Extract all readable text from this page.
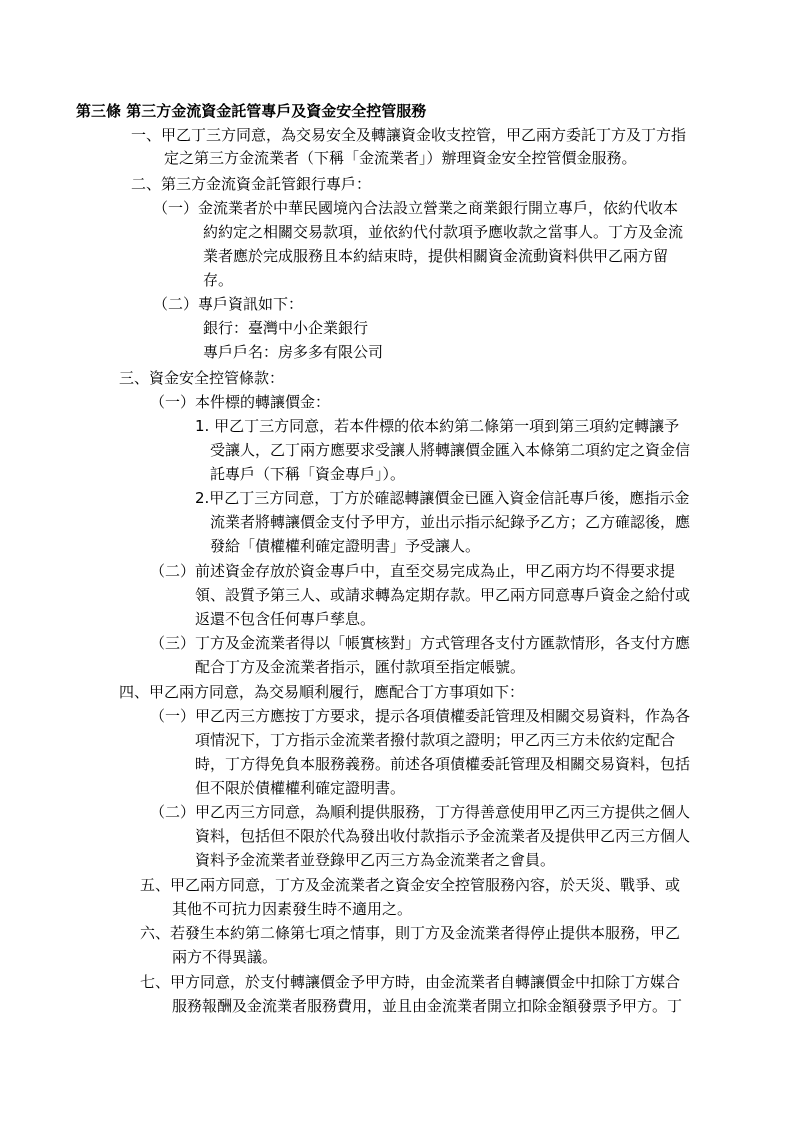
第三條 第三方金流資金託管專戶及資金安全控管服務
一、甲乙丁三方同意，為交易安全及轉讓資金收支控管，甲乙兩方委託丁方及丁方指
定之第三方金流業者（下稱「金流業者」）辦理資金安全控管價金服務。
二、第三方金流資金託管銀行專戶：
（一）金流業者於中華民國境內合法設立營業之商業銀行開立專戶，依約代收本
約約定之相關交易款項，並依約代付款項予應收款之當事人。丁方及金流
業者應於完成服務且本約結束時，提供相關資金流動資料供甲乙兩方留
存。
（二）專戶資訊如下：
銀行：臺灣中小企業銀行
專戶戶名：房多多有限公司
三、資金安全控管條款：
（一）本件標的轉讓價金：
1. 甲乙丁三方同意，若本件標的依本約第二條第一項到第三項約定轉讓予
受讓人，乙丁兩方應要求受讓人將轉讓價金匯入本條第二項約定之資金信
託專戶（下稱「資金專戶」）。
2.甲乙丁三方同意，丁方於確認轉讓價金已匯入資金信託專戶後，應指示金
流業者將轉讓價金支付予甲方，並出示指示紀錄予乙方；乙方確認後，應
發給「債權權利確定證明書」予受讓人。
（二）前述資金存放於資金專戶中，直至交易完成為止，甲乙兩方均不得要求提
領、設質予第三人、或請求轉為定期存款。甲乙兩方同意專戶資金之給付或
返還不包含任何專戶孳息。
（三）丁方及金流業者得以「帳實核對」方式管理各支付方匯款情形，各支付方應
配合丁方及金流業者指示，匯付款項至指定帳號。
四、甲乙兩方同意，為交易順利履行，應配合丁方事項如下：
（一）甲乙丙三方應按丁方要求，提示各項債權委託管理及相關交易資料，作為各
項情況下，丁方指示金流業者撥付款項之證明；甲乙丙三方未依約定配合
時，丁方得免負本服務義務。前述各項債權委託管理及相關交易資料，包括
但不限於債權權利確定證明書。
（二）甲乙丙三方同意，為順利提供服務，丁方得善意使用甲乙丙三方提供之個人
資料，包括但不限於代為發出收付款指示予金流業者及提供甲乙丙三方個人
資料予金流業者並登錄甲乙丙三方為金流業者之會員。
五、甲乙兩方同意，丁方及金流業者之資金安全控管服務內容，於天災、戰爭、或
其他不可抗力因素發生時不適用之。
六、若發生本約第二條第七項之情事，則丁方及金流業者得停止提供本服務，甲乙
兩方不得異議。
七、甲方同意，於支付轉讓價金予甲方時，由金流業者自轉讓價金中扣除丁方媒合
服務報酬及金流業者服務費用，並且由金流業者開立扣除金額發票予甲方。丁
